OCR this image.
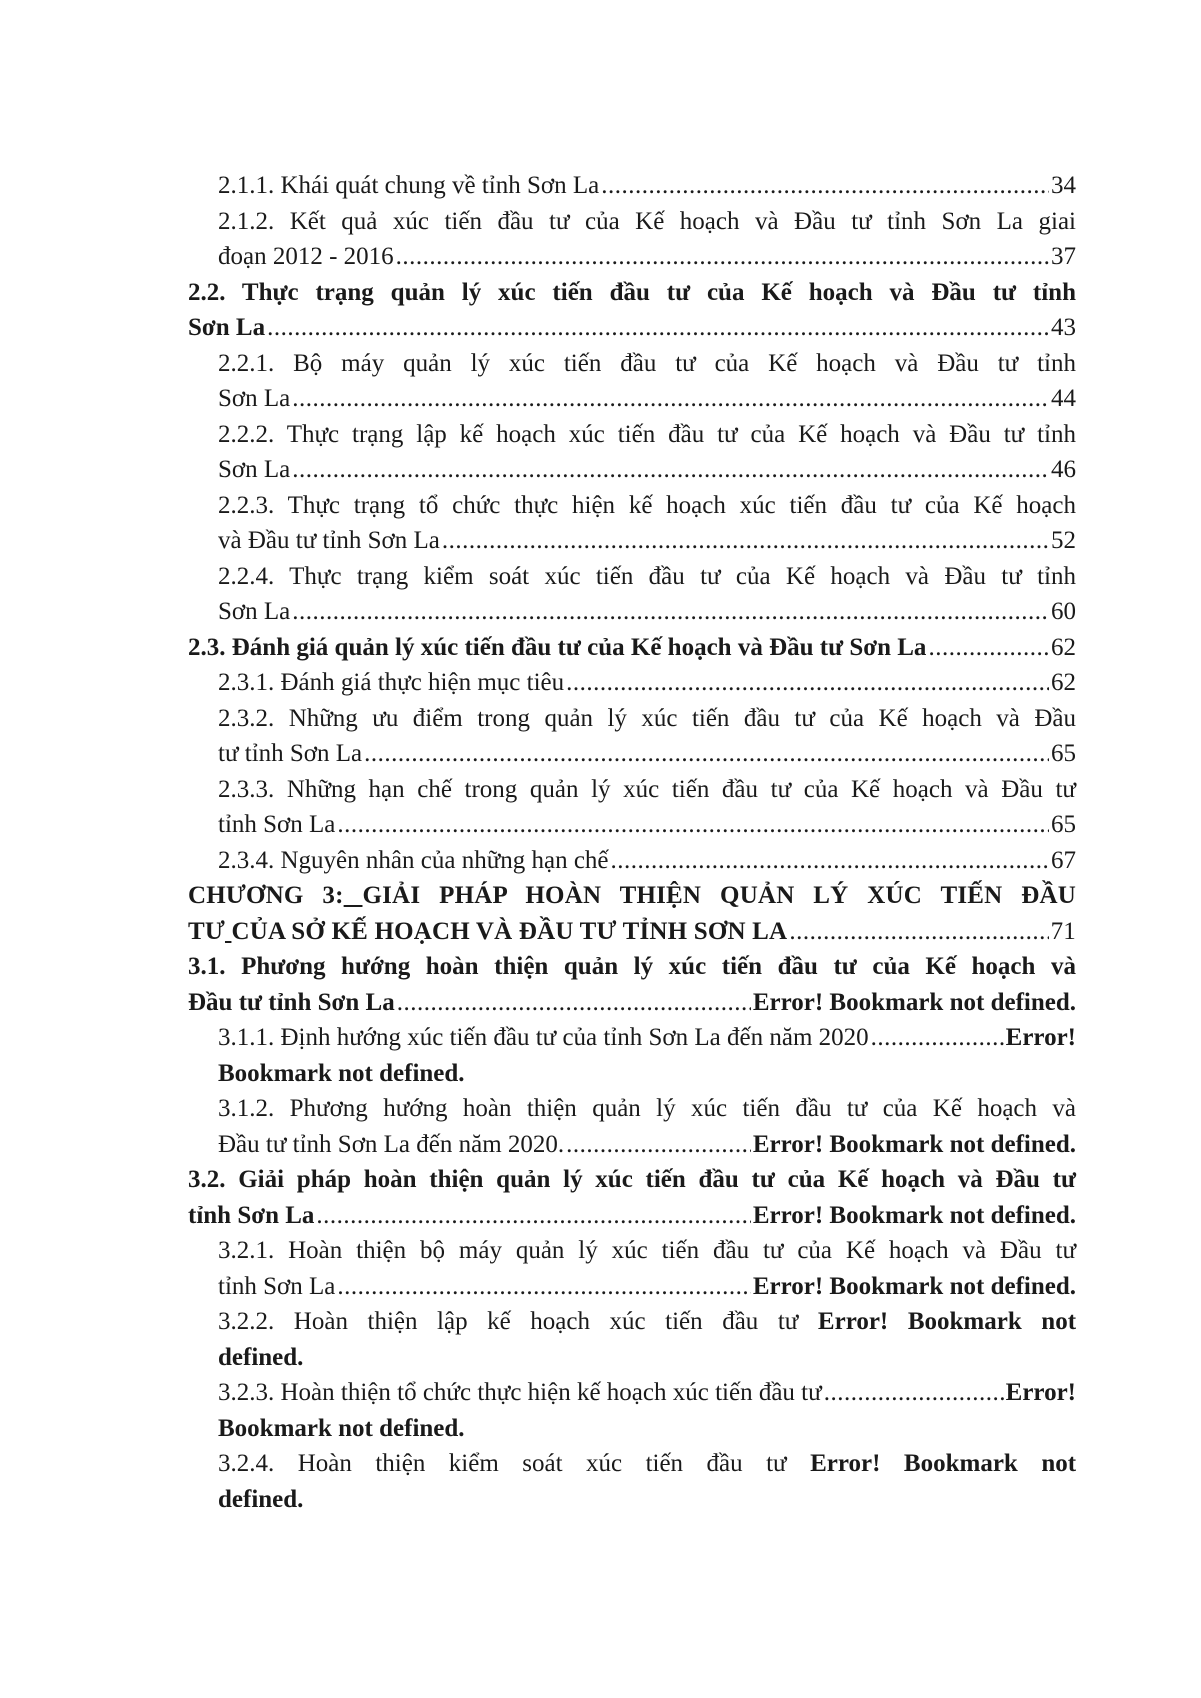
2.1.1. Khái quát chung về tỉnh Sơn La .....	34
2.1.2. Kết quả xúc tiến đầu tư của Kế hoạch và Đầu tư tỉnh Sơn La giai
đoạn 2012 - 2016 .....	37
2.2. Thực trạng quản lý xúc tiến đầu tư của Kế hoạch và Đầu tư tỉnh
Sơn La .....	43
2.2.1. Bộ máy quản lý xúc tiến đầu tư của Kế hoạch và Đầu tư tỉnh
Sơn La .....	44
2.2.2. Thực trạng lập kế hoạch xúc tiến đầu tư của Kế hoạch và Đầu tư tỉnh
Sơn La .....	46
2.2.3. Thực trạng tổ chức thực hiện kế hoạch xúc tiến đầu tư của Kế hoạch
và Đầu tư tỉnh Sơn La .....	52
2.2.4. Thực trạng kiểm soát xúc tiến đầu tư của Kế hoạch và Đầu tư tỉnh
Sơn La .....	60
2.3. Đánh giá quản lý xúc tiến đầu tư của Kế hoạch và Đầu tư Sơn La .....	62
2.3.1. Đánh giá thực hiện mục tiêu .....	62
2.3.2. Những ưu điểm trong quản lý xúc tiến đầu tư của Kế hoạch và Đầu
tư tỉnh Sơn La .....	65
2.3.3. Những hạn chế trong quản lý xúc tiến đầu tư của Kế hoạch và Đầu tư
tỉnh Sơn La .....	65
2.3.4. Nguyên nhân của những hạn chế .....	67
CHƯƠNG 3: GIẢI PHÁP HOÀN THIỆN QUẢN LÝ XÚC TIẾN ĐẦU
TƯ CỦA SỞ KẾ HOẠCH VÀ ĐẦU TƯ TỈNH SƠN LA .....	71
3.1. Phương hướng hoàn thiện quản lý xúc tiến đầu tư của Kế hoạch và
Đầu tư tỉnh Sơn La .....	Error! Bookmark not defined.
3.1.1. Định hướng xúc tiến đầu tư của tỉnh Sơn La đến năm 2020 .....	Error!
Bookmark not defined.
3.1.2. Phương hướng hoàn thiện quản lý xúc tiến đầu tư của Kế hoạch và
Đầu tư tỉnh Sơn La đến năm 2020. .....	Error! Bookmark not defined.
3.2. Giải pháp hoàn thiện quản lý xúc tiến đầu tư của Kế hoạch và Đầu tư
tỉnh Sơn La .....	Error! Bookmark not defined.
3.2.1. Hoàn thiện bộ máy quản lý xúc tiến đầu tư của Kế hoạch và Đầu tư
tỉnh Sơn La .....	Error! Bookmark not defined.
3.2.2. Hoàn thiện lập kế hoạch xúc tiến đầu tư Error! Bookmark not
defined.
3.2.3. Hoàn thiện tổ chức thực hiện kế hoạch xúc tiến đầu tư .....	Error!
Bookmark not defined.
3.2.4. Hoàn thiện kiểm soát xúc tiến đầu tư Error! Bookmark not
defined.
